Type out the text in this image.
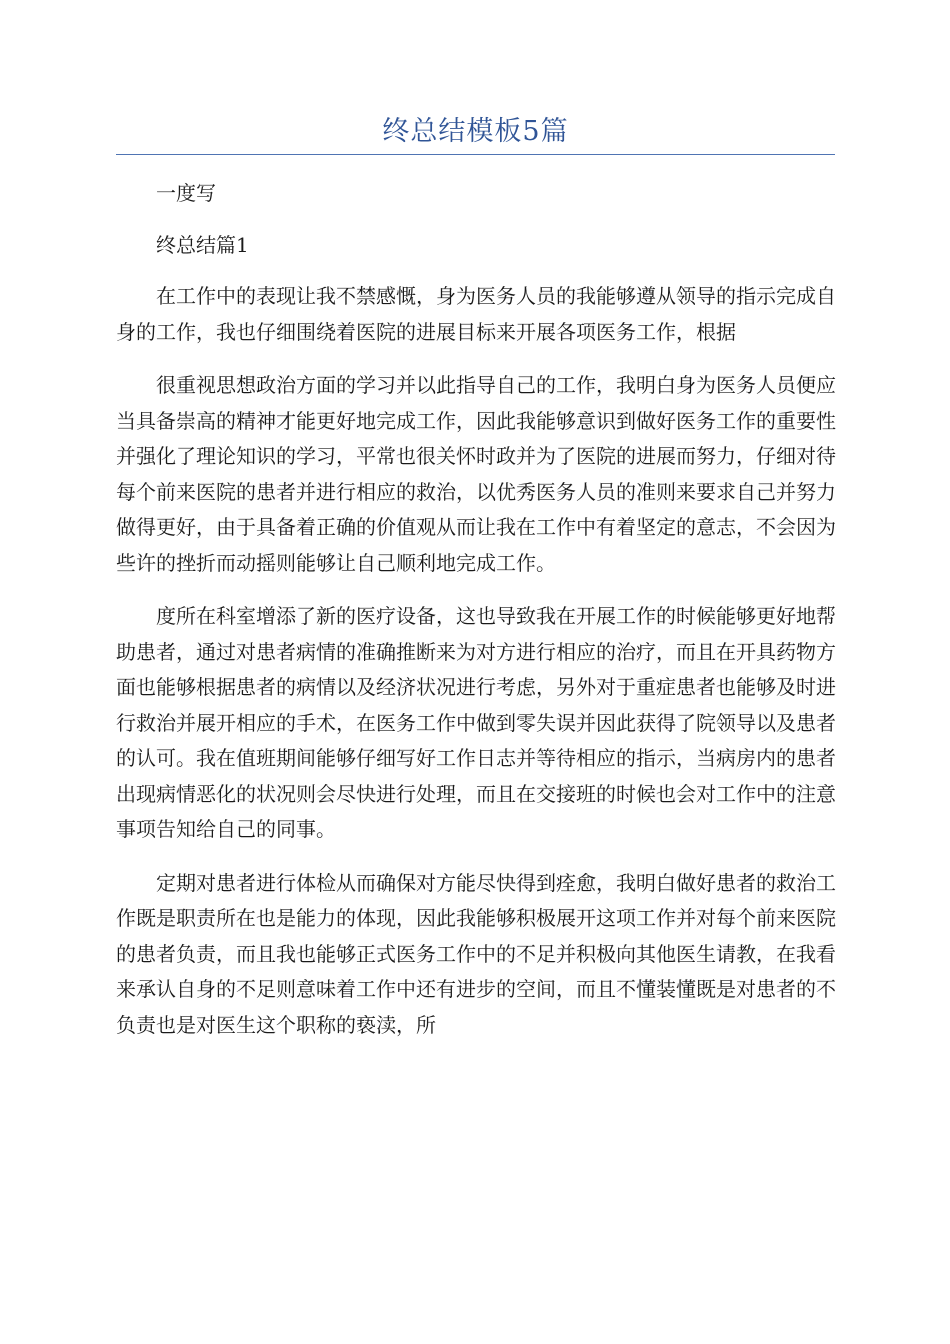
终总结模板5篇

一度写

终总结篇1

在工作中的表现让我不禁感慨，身为医务人员的我能够遵从领导的指示完成自身的工作，我也仔细围绕着医院的进展目标来开展各项医务工作，根据

很重视思想政治方面的学习并以此指导自己的工作，我明白身为医务人员便应当具备崇高的精神才能更好地完成工作，因此我能够意识到做好医务工作的重要性并强化了理论知识的学习，平常也很关怀时政并为了医院的进展而努力，仔细对待每个前来医院的患者并进行相应的救治，以优秀医务人员的准则来要求自己并努力做得更好，由于具备着正确的价值观从而让我在工作中有着坚定的意志，不会因为些许的挫折而动摇则能够让自己顺利地完成工作。

度所在科室增添了新的医疗设备，这也导致我在开展工作的时候能够更好地帮助患者，通过对患者病情的准确推断来为对方进行相应的治疗，而且在开具药物方面也能够根据患者的病情以及经济状况进行考虑，另外对于重症患者也能够及时进行救治并展开相应的手术，在医务工作中做到零失误并因此获得了院领导以及患者的认可。我在值班期间能够仔细写好工作日志并等待相应的指示，当病房内的患者出现病情恶化的状况则会尽快进行处理，而且在交接班的时候也会对工作中的注意事项告知给自己的同事。

定期对患者进行体检从而确保对方能尽快得到痊愈，我明白做好患者的救治工作既是职责所在也是能力的体现，因此我能够积极展开这项工作并对每个前来医院的患者负责，而且我也能够正式医务工作中的不足并积极向其他医生请教，在我看来承认自身的不足则意味着工作中还有进步的空间，而且不懂装懂既是对患者的不负责也是对医生这个职称的亵渎，所
